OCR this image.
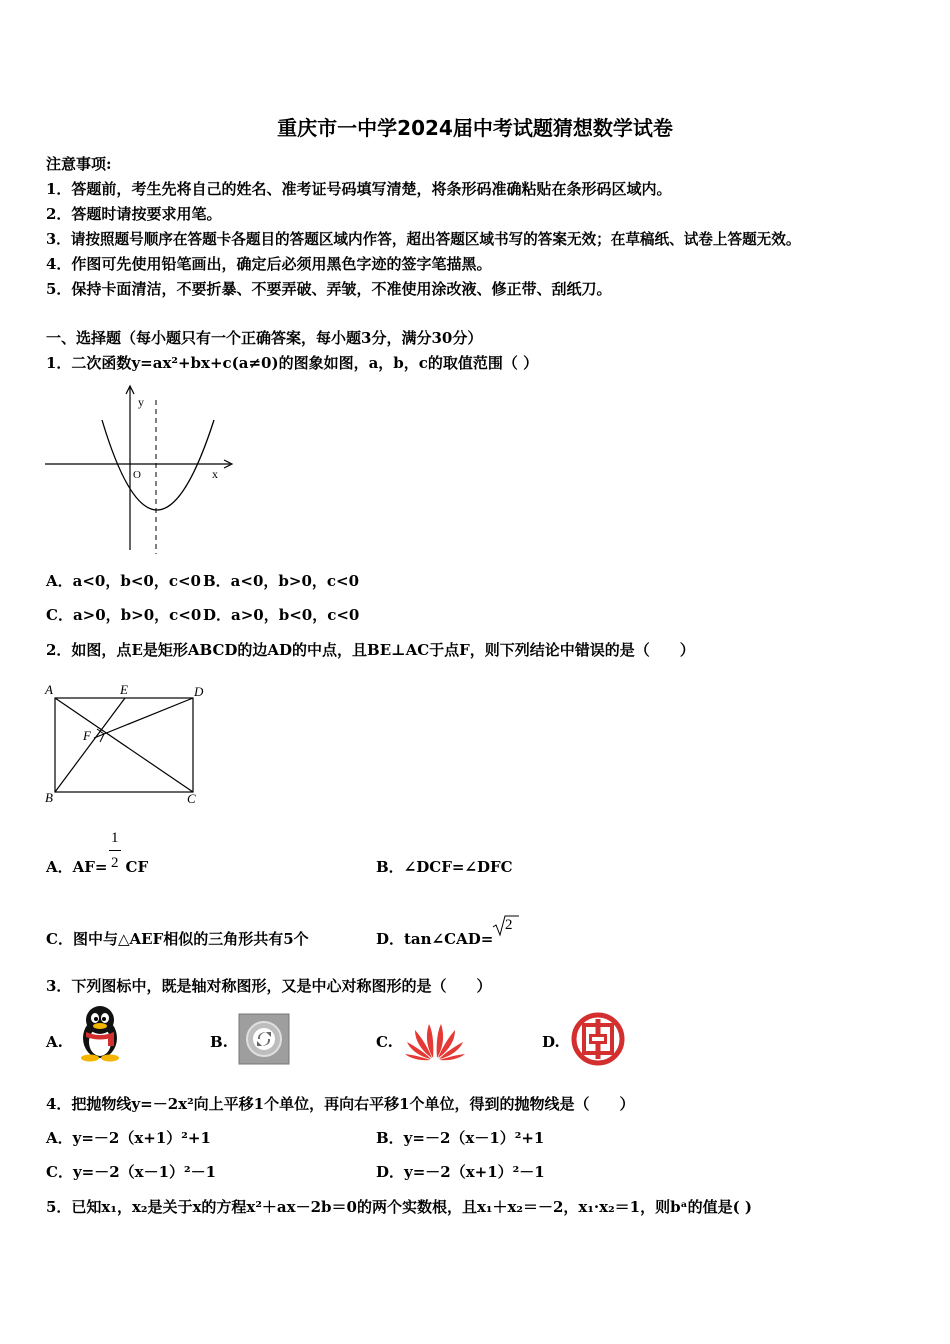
重庆市一中学2024届中考试题猜想数学试卷
注意事项:
1．答题前，考生先将自己的姓名、准考证号码填写清楚，将条形码准确粘贴在条形码区域内。
2．答题时请按要求用笔。
3．请按照题号顺序在答题卡各题目的答题区域内作答，超出答题区域书写的答案无效；在草稿纸、试卷上答题无效。
4．作图可先使用铅笔画出，确定后必须用黑色字迹的签字笔描黑。
5．保持卡面清洁，不要折暴、不要弄破、弄皱，不准使用涂改液、修正带、刮纸刀。
一、选择题（每小题只有一个正确答案，每小题3分，满分30分）
1．二次函数y=ax²+bx+c(a≠0)的图象如图，a，b，c的取值范围（ ）
y
x
O
A．a<0，b<0，c<0 B．a<0，b>0，c<0
C．a>0，b>0，c<0 D．a>0，b<0，c<0
2．如图，点E是矩形ABCD的边AD的中点，且BE⊥AC于点F，则下列结论中错误的是（　　）
A	E	D
F
B	C
A．AF= CF
1
2	B．∠DCF=∠DFC
C．图中与△AEF相似的三角形共有5个	D．tan∠CAD=
2
3．下列图标中，既是轴对称图形，又是中心对称图形的是（　　）
A.	B.	C.	D.
4．把抛物线y=－2x²向上平移1个单位，再向右平移1个单位，得到的抛物线是（　　）
A．y=－2（x+1）²+1	B．y=－2（x－1）²+1
C．y=－2（x－1）²－1	D．y=－2（x+1）²－1
5．已知x₁，x₂是关于x的方程x²＋ax－2b＝0的两个实数根，且x₁＋x₂＝－2，x₁·x₂＝1，则bᵃ的值是( )
